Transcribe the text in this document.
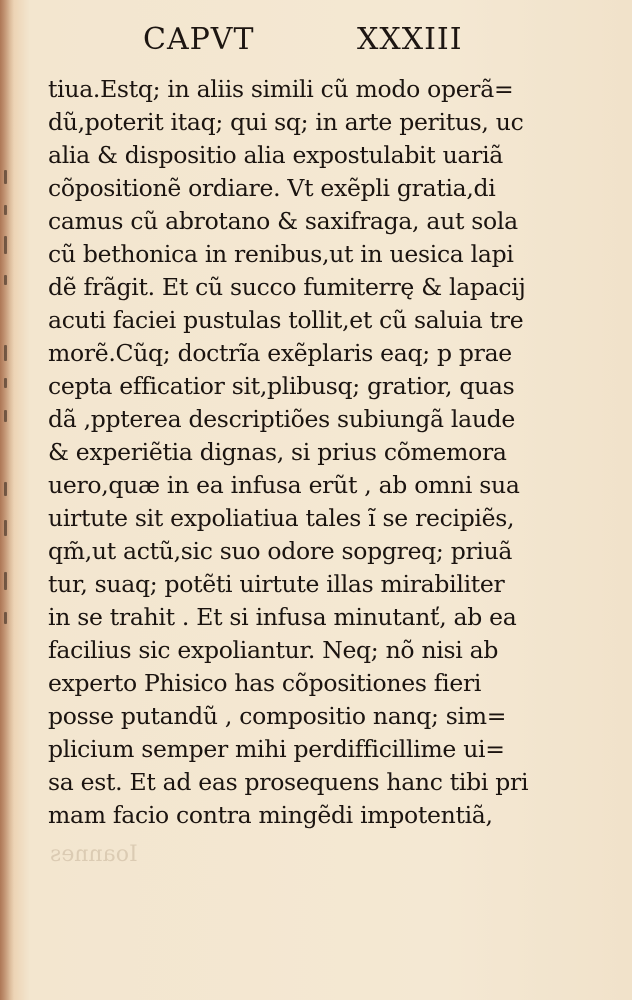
CAPVT	XXXIII
tiua.Estq; in aliis simili cũ modo operã=
dũ,poterit itaq; qui sq; in arte peritus, uc
alia & dispositio alia expostulabit uariã
cõpositionẽ ordiare. Vt exẽpli gratia,di
camus cũ abrotano & saxifraga, aut sola
cũ bethonica in renibus,ut in uesica lapi
dẽ frãgit. Et cũ succo fumiterrę & lapacij
acuti faciei pustulas tollit,et cũ saluia tre
morẽ.Cũq; doctrĩa exẽplaris eaq; p prae
cepta efficatior sit,plibusq; gratior, quas
dã ,ppterea descriptiões subiungã laude
& experiẽtia dignas, si prius cõmemora
uero,quæ in ea infusa erũt , ab omni sua
uirtute sit expoliatiua tales ĩ se recipiẽs,
qm̃,ut actũ,sic suo odore sopgreq; priuã
tur, suaq; potẽti uirtute illas mirabiliter
in se trahit . Et si infusa minutanť, ab ea
facilius sic expoliantur. Neq; nõ nisi ab
experto Phisico has cõpositiones fieri
posse putandũ , compositio nanq; sim=
plicium semper mihi perdifficillime ui=
sa est. Et ad eas prosequens hanc tibi pri
mam facio contra mingẽdi impotentiã,
Ioannes
